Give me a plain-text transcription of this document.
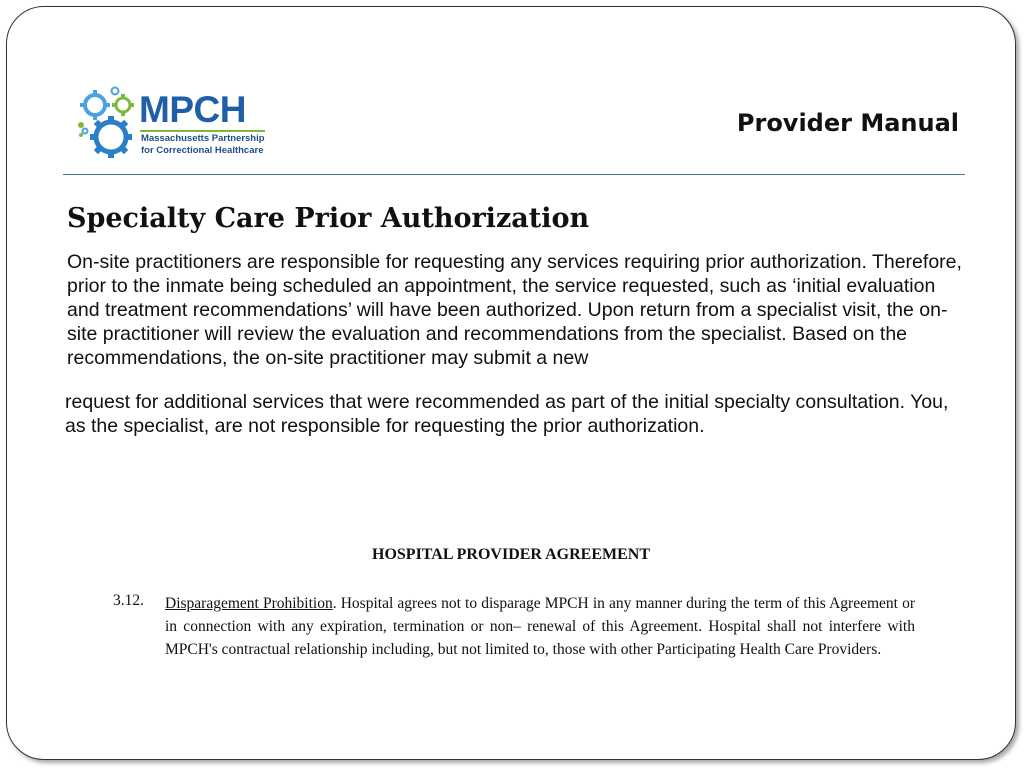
MPCH
Massachusetts Partnership
for Correctional Healthcare
Provider Manual
Specialty Care Prior Authorization
On-site practitioners are responsible for requesting any services requiring prior authorization. Therefore, prior to the inmate being scheduled an appointment, the service requested, such as ‘initial evaluation and treatment recommendations’ will have been authorized. Upon return from a specialist visit, the on-site practitioner will review the evaluation and recommendations from the specialist. Based on the recommendations, the on-site practitioner may submit a new
request for additional services that were recommended as part of the initial specialty consultation. You, as the specialist, are not responsible for requesting the prior authorization.
HOSPITAL PROVIDER AGREEMENT
3.12. Disparagement Prohibition. Hospital agrees not to disparage MPCH in any manner during the term of this Agreement or in connection with any expiration, termination or non– renewal of this Agreement. Hospital shall not interfere with MPCH's contractual relationship including, but not limited to, those with other Participating Health Care Providers.
